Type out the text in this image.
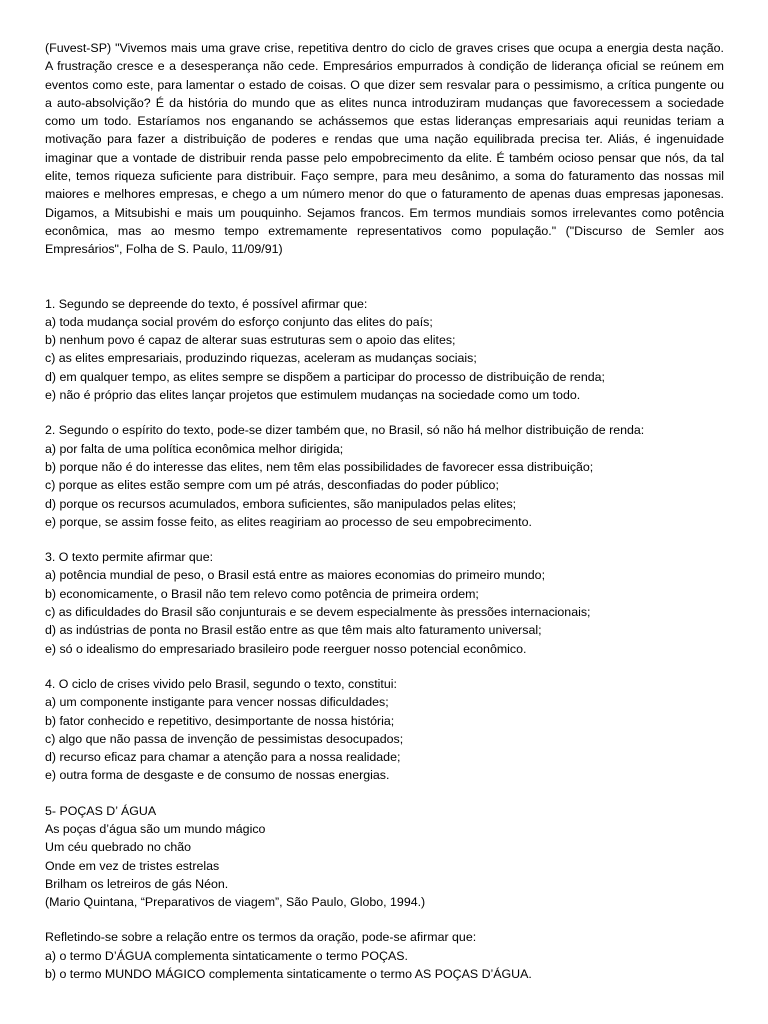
(Fuvest-SP) "Vivemos mais uma grave crise, repetitiva dentro do ciclo de graves crises que ocupa a energia desta nação. A frustração cresce e a desesperança não cede. Empresários empurrados à condição de liderança oficial se reúnem em eventos como este, para lamentar o estado de coisas. O que dizer sem resvalar para o pessimismo, a crítica pungente ou a auto-absolvição? É da história do mundo que as elites nunca introduziram mudanças que favorecessem a sociedade como um todo. Estaríamos nos enganando se achássemos que estas lideranças empresariais aqui reunidas teriam a motivação para fazer a distribuição de poderes e rendas que uma nação equilibrada precisa ter. Aliás, é ingenuidade imaginar que a vontade de distribuir renda passe pelo empobrecimento da elite. É também ocioso pensar que nós, da tal elite, temos riqueza suficiente para distribuir. Faço sempre, para meu desânimo, a soma do faturamento das nossas mil maiores e melhores empresas, e chego a um número menor do que o faturamento de apenas duas empresas japonesas. Digamos, a Mitsubishi e mais um pouquinho. Sejamos francos. Em termos mundiais somos irrelevantes como potência econômica, mas ao mesmo tempo extremamente representativos como população." ("Discurso de Semler aos Empresários", Folha de S. Paulo, 11/09/91)

1. Segundo se depreende do texto, é possível afirmar que:
a) toda mudança social provém do esforço conjunto das elites do país;
b) nenhum povo é capaz de alterar suas estruturas sem o apoio das elites;
c) as elites empresariais, produzindo riquezas, aceleram as mudanças sociais;
d) em qualquer tempo, as elites sempre se dispõem a participar do processo de distribuição de renda;
e) não é próprio das elites lançar projetos que estimulem mudanças na sociedade como um todo.
2. Segundo o espírito do texto, pode-se dizer também que, no Brasil, só não há melhor distribuição de renda:
a) por falta de uma política econômica melhor dirigida;
b) porque não é do interesse das elites, nem têm elas possibilidades de favorecer essa distribuição;
c) porque as elites estão sempre com um pé atrás, desconfiadas do poder público;
d) porque os recursos acumulados, embora suficientes, são manipulados pelas elites;
e) porque, se assim fosse feito, as elites reagiriam ao processo de seu empobrecimento.
3. O texto permite afirmar que:
a) potência mundial de peso, o Brasil está entre as maiores economias do primeiro mundo;
b) economicamente, o Brasil não tem relevo como potência de primeira ordem;
c) as dificuldades do Brasil são conjunturais e se devem especialmente às pressões internacionais;
d) as indústrias de ponta no Brasil estão entre as que têm mais alto faturamento universal;
e) só o idealismo do empresariado brasileiro pode reerguer nosso potencial econômico.
4. O ciclo de crises vivido pelo Brasil, segundo o texto, constitui:
a) um componente instigante para vencer nossas dificuldades;
b) fator conhecido e repetitivo, desimportante de nossa história;
c) algo que não passa de invenção de pessimistas desocupados;
d) recurso eficaz para chamar a atenção para a nossa realidade;
e) outra forma de desgaste e de consumo de nossas energias.
5- POÇAS D’ ÁGUA
As poças d’água são um mundo mágico
Um céu quebrado no chão
Onde em vez de tristes estrelas
Brilham os letreiros de gás Néon.
(Mario Quintana, “Preparativos de viagem”, São Paulo, Globo, 1994.)
Refletindo-se sobre a relação entre os termos da oração, pode-se afirmar que:
a) o termo D’ÁGUA complementa sintaticamente o termo POÇAS.
b) o termo MUNDO MÁGICO complementa sintaticamente o termo AS POÇAS D’ÁGUA.
